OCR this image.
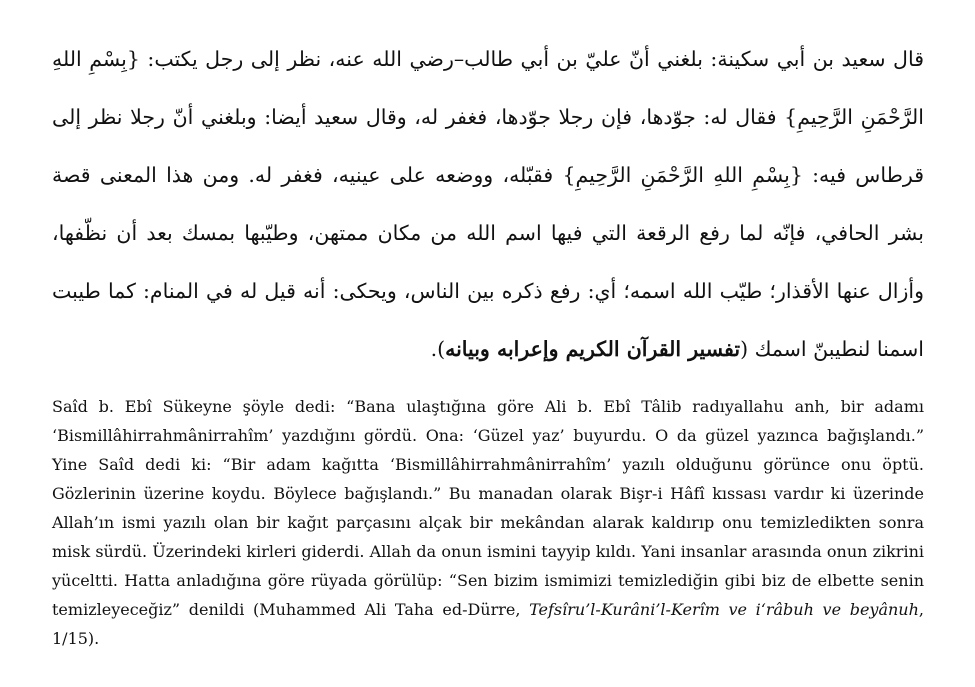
قال سعيد بن أبي سكينة: بلغني أنّ عليّ بن أبي طالب–رضي الله عنه، نظر إلى رجل يكتب: {بِسْمِ اللهِ الرَّحْمَنِ الرَّحِيمِ} فقال له: جوّدها، فإن رجلا جوّدها، فغفر له، وقال سعيد أيضا: وبلغني أنّ رجلا نظر إلى قرطاس فيه: {بِسْمِ اللهِ الرَّحْمَنِ الرَّحِيمِ} فقبّله، ووضعه على عينيه، فغفر له. ومن هذا المعنى قصة بشر الحافي، فإنّه لما رفع الرقعة التي فيها اسم الله من مكان ممتهن، وطيّبها بمسك بعد أن نظّفها، وأزال عنها الأقذار؛ طيّب الله اسمه؛ أي: رفع ذكره بين الناس، ويحكى: أنه قيل له في المنام: كما طيبت اسمنا لنطيبنّ اسمك (تفسير القرآن الكريم وإعرابه وبيانه).

Saîd b. Ebî Sükeyne şöyle dedi: “Bana ulaştığına göre Ali b. Ebî Tâlib radıyallahu anh, bir adamı ‘Bismillâhirrahmânirrahîm’ yazdığını gördü. Ona: ‘Güzel yaz’ buyurdu. O da güzel yazınca bağışlandı.” Yine Saîd dedi ki: “Bir adam kağıtta ‘Bismillâhirrahmânirrahîm’ yazılı olduğunu görünce onu öptü. Gözlerinin üzerine koydu. Böylece bağışlandı.” Bu manadan olarak Bişr-i Hâfî kıssası vardır ki üzerinde Allah’ın ismi yazılı olan bir kağıt parçasını alçak bir mekândan alarak kaldırıp onu temizledikten sonra misk sürdü. Üzerindeki kirleri giderdi. Allah da onun ismini tayyip kıldı. Yani insanlar arasında onun zikrini yüceltti. Hatta anladığına göre rüyada görülüp: “Sen bizim ismimizi temizlediğin gibi biz de elbette senin temizleyeceğiz” denildi (Muhammed Ali Taha ed-Dürre, Tefsîru’l-Kurâni’l-Kerîm ve i‘râbuh ve beyânuh, 1/15).
